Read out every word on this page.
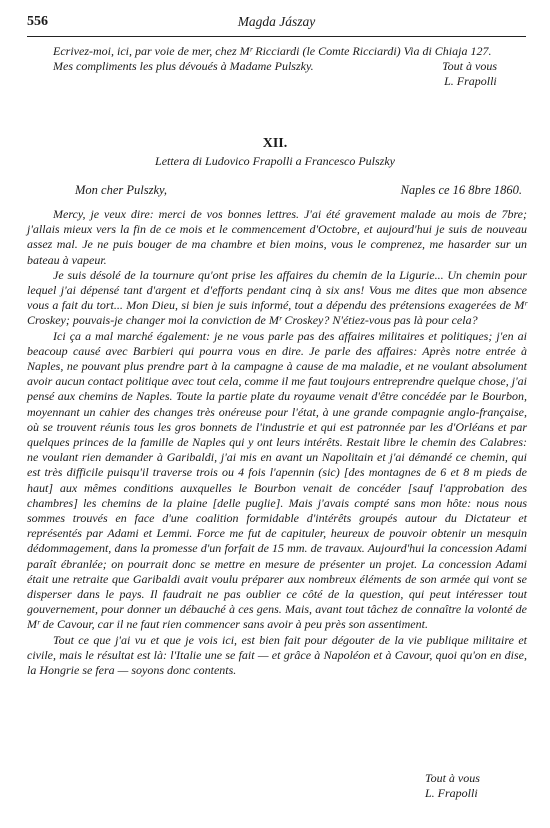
556	Magda Jászay

Ecrivez-moi, ici, par voie de mer, chez Mʳ Ricciardi (le Comte Ricciardi) Via di Chiaja 127.

Mes compliments les plus dévoués à Madame Pulszky.	Tout à vous
L. Frapolli
XII.
Lettera di Ludovico Frapolli a Francesco Pulszky
Mon cher Pulszky,	Naples ce 16 8bre 1860.

Mercy, je veux dire: merci de vos bonnes lettres. J'ai été gravement malade au mois de 7bre; j'allais mieux vers la fin de ce mois et le commencement d'Octobre, et aujourd'hui je suis de nouveau assez mal. Je ne puis bouger de ma chambre et bien moins, vous le comprenez, me hasarder sur un bateau à vapeur.

Je suis désolé de la tournure qu'ont prise les affaires du chemin de la Ligurie... Un chemin pour lequel j'ai dépensé tant d'argent et d'efforts pendant cinq à six ans! Vous me dites que mon absence vous a fait du tort... Mon Dieu, si bien je suis informé, tout a dépendu des prétensions exagerées de Mʳ Croskey; pouvais-je changer moi la conviction de Mʳ Croskey? N'étiez-vous pas là pour cela?

Ici ça a mal marché également: je ne vous parle pas des affaires militaires et politiques; j'en ai beacoup causé avec Barbieri qui pourra vous en dire. Je parle des affaires: Après notre entrée à Naples, ne pouvant plus prendre part à la campagne à cause de ma maladie, et ne voulant absolument avoir aucun contact politique avec tout cela, comme il me faut toujours entreprendre quelque chose, j'ai pensé aux chemins de Naples. Toute la partie plate du royaume venait d'être concédée par le Bourbon, moyennant un cahier des changes très onéreuse pour l'état, à une grande compagnie anglo-française, où se trouvent réunis tous les gros bonnets de l'industrie et qui est patronnée par les d'Orléans et par quelques princes de la famille de Naples qui y ont leurs intérêts. Restait libre le chemin des Calabres: ne voulant rien demander à Garibaldi, j'ai mis en avant un Napolitain et j'ai démandé ce chemin, qui est très difficile puisqu'il traverse trois ou 4 fois l'apennin (sic) [des montagnes de 6 et 8 m pieds de haut] aux mêmes conditions auxquelles le Bourbon venait de concéder [sauf l'approbation des chambres] les chemins de la plaine [delle puglie]. Mais j'avais compté sans mon hôte: nous nous sommes trouvés en face d'une coalition formidable d'intérêts groupés autour du Dictateur et représentés par Adami et Lemmi. Force me fut de capituler, heureux de pouvoir obtenir un mesquin dédommagement, dans la promesse d'un forfait de 15 mm. de travaux. Aujourd'hui la concession Adami paraît ébranlée; on pourrait donc se mettre en mesure de présenter un projet. La concession Adami était une retraite que Garibaldi avait voulu préparer aux nombreux éléments de son armée qui vont se disperser dans le pays. Il faudrait ne pas oublier ce côté de la question, qui peut intéresser tout gouvernement, pour donner un débauché à ces gens. Mais, avant tout tâchez de connaître la volonté de Mʳ de Cavour, car il ne faut rien commencer sans avoir à peu près son assentiment.

Tout ce que j'ai vu et que je vois ici, est bien fait pour dégouter de la vie publique militaire et civile, mais le résultat est là: l'Italie une se fait — et grâce à Napoléon et à Cavour, quoi qu'on en dise, la Hongrie se fera — soyons donc contents.

Tout à vous
L. Frapolli
